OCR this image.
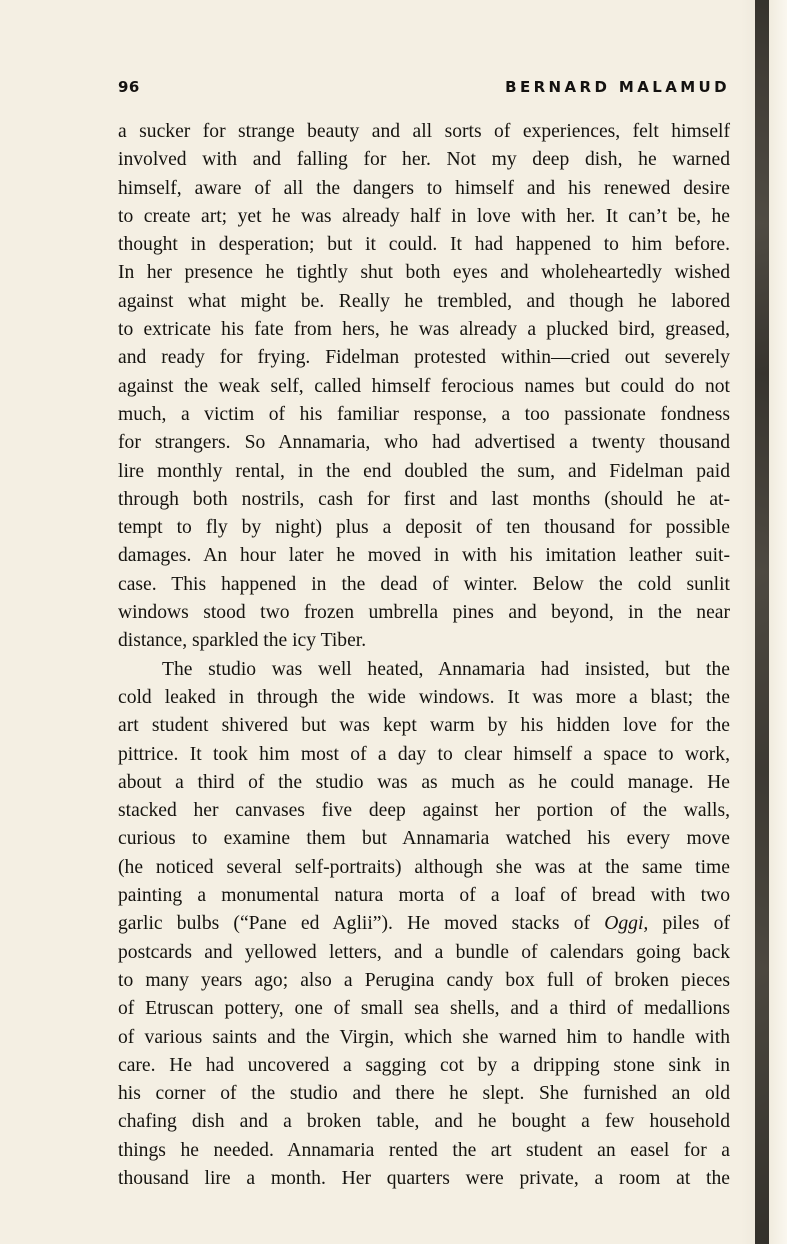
96	BERNARD MALAMUD
a sucker for strange beauty and all sorts of experiences, felt himself
involved with and falling for her. Not my deep dish, he warned
himself, aware of all the dangers to himself and his renewed desire
to create art; yet he was already half in love with her. It can’t be, he
thought in desperation; but it could. It had happened to him before.
In her presence he tightly shut both eyes and wholeheartedly wished
against what might be. Really he trembled, and though he labored
to extricate his fate from hers, he was already a plucked bird, greased,
and ready for frying. Fidelman protested within—cried out severely
against the weak self, called himself ferocious names but could do not
much, a victim of his familiar response, a too passionate fondness
for strangers. So Annamaria, who had advertised a twenty thousand
lire monthly rental, in the end doubled the sum, and Fidelman paid
through both nostrils, cash for first and last months (should he at-
tempt to fly by night) plus a deposit of ten thousand for possible
damages. An hour later he moved in with his imitation leather suit-
case. This happened in the dead of winter. Below the cold sunlit
windows stood two frozen umbrella pines and beyond, in the near
distance, sparkled the icy Tiber.
The studio was well heated, Annamaria had insisted, but the
cold leaked in through the wide windows. It was more a blast; the
art student shivered but was kept warm by his hidden love for the
pittrice. It took him most of a day to clear himself a space to work,
about a third of the studio was as much as he could manage. He
stacked her canvases five deep against her portion of the walls,
curious to examine them but Annamaria watched his every move
(he noticed several self-portraits) although she was at the same time
painting a monumental natura morta of a loaf of bread with two
garlic bulbs (“Pane ed Aglii”). He moved stacks of Oggi, piles of
postcards and yellowed letters, and a bundle of calendars going back
to many years ago; also a Perugina candy box full of broken pieces
of Etruscan pottery, one of small sea shells, and a third of medallions
of various saints and the Virgin, which she warned him to handle with
care. He had uncovered a sagging cot by a dripping stone sink in
his corner of the studio and there he slept. She furnished an old
chafing dish and a broken table, and he bought a few household
things he needed. Annamaria rented the art student an easel for a
thousand lire a month. Her quarters were private, a room at the
